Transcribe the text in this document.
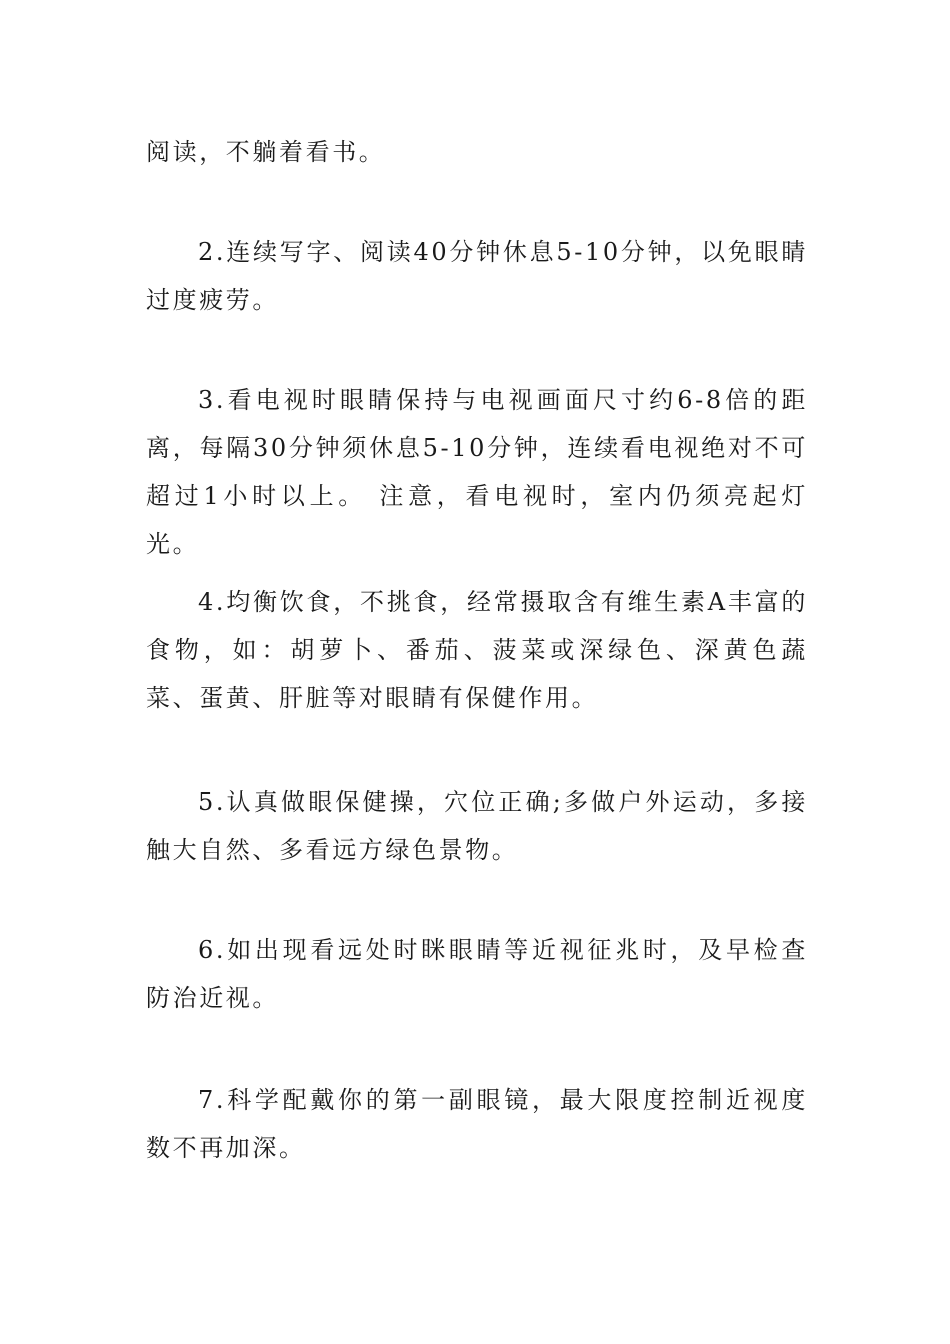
阅读，不躺着看书。

2.连续写字、阅读40分钟休息5-10分钟，以免眼睛过度疲劳。

3.看电视时眼睛保持与电视画面尺寸约6-8倍的距离，每隔30分钟须休息5-10分钟，连续看电视绝对不可超过1小时以上。 注意，看电视时，室内仍须亮起灯光。

4.均衡饮食，不挑食，经常摄取含有维生素A丰富的食物，如：胡萝卜、番茄、菠菜或深绿色、深黄色蔬菜、蛋黄、肝脏等对眼睛有保健作用。

5.认真做眼保健操，穴位正确;多做户外运动，多接触大自然、多看远方绿色景物。

6.如出现看远处时眯眼睛等近视征兆时，及早检查防治近视。

7.科学配戴你的第一副眼镜，最大限度控制近视度数不再加深。
